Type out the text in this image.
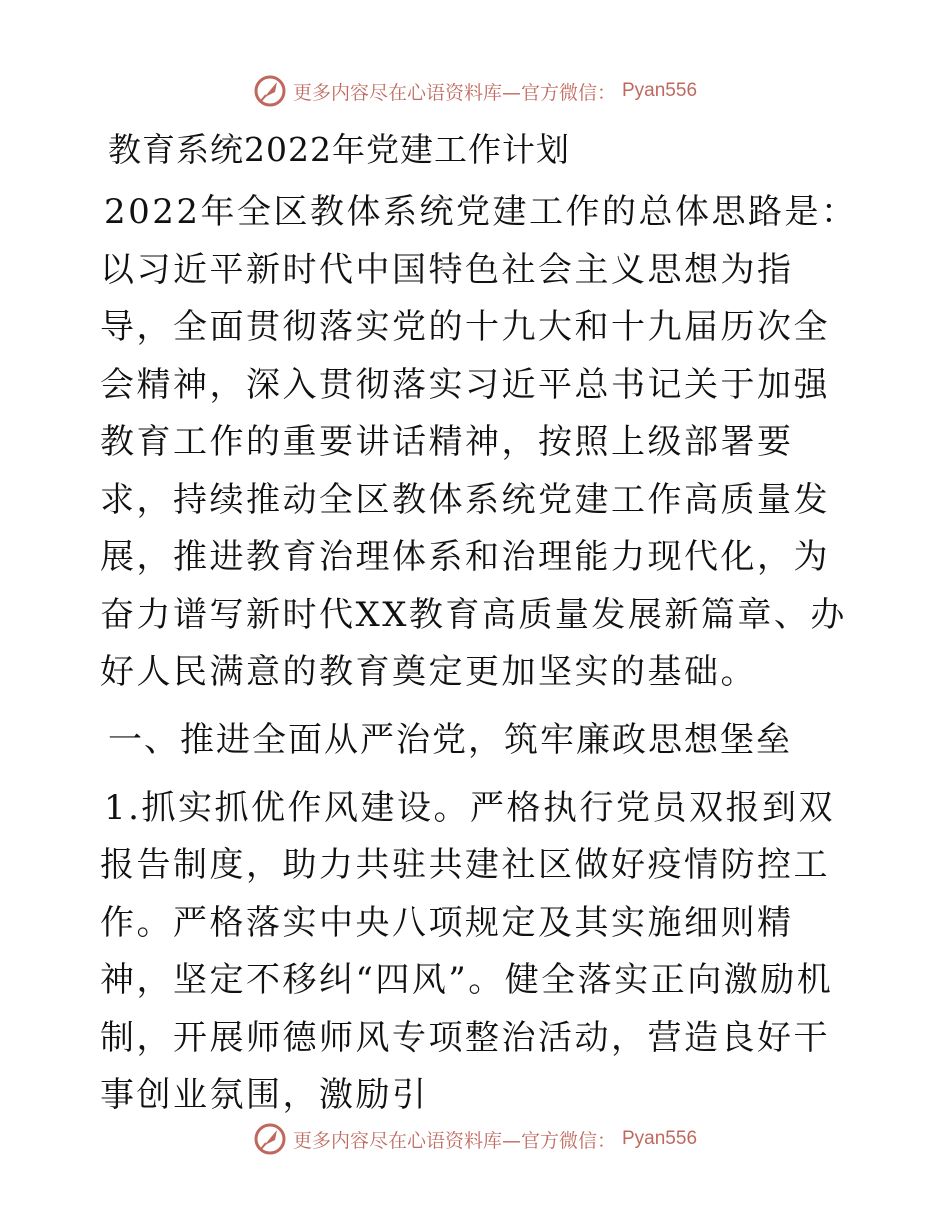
更多内容尽在心语资料库—官方微信： Pyan556
教育系统2022年党建工作计划

2022年全区教体系统党建工作的总体思路是：以习近平新时代中国特色社会主义思想为指导，全面贯彻落实党的十九大和十九届历次全会精神，深入贯彻落实习近平总书记关于加强教育工作的重要讲话精神，按照上级部署要求，持续推动全区教体系统党建工作高质量发展，推进教育治理体系和治理能力现代化，为奋力谱写新时代XX教育高质量发展新篇章、办好人民满意的教育奠定更加坚实的基础。

一、推进全面从严治党，筑牢廉政思想堡垒

1.抓实抓优作风建设。严格执行党员双报到双报告制度，助力共驻共建社区做好疫情防控工作。严格落实中央八项规定及其实施细则精神，坚定不移纠“四风”。健全落实正向激励机制，开展师德师风专项整治活动，营造良好干事创业氛围，激励引

更多内容尽在心语资料库—官方微信： Pyan556
